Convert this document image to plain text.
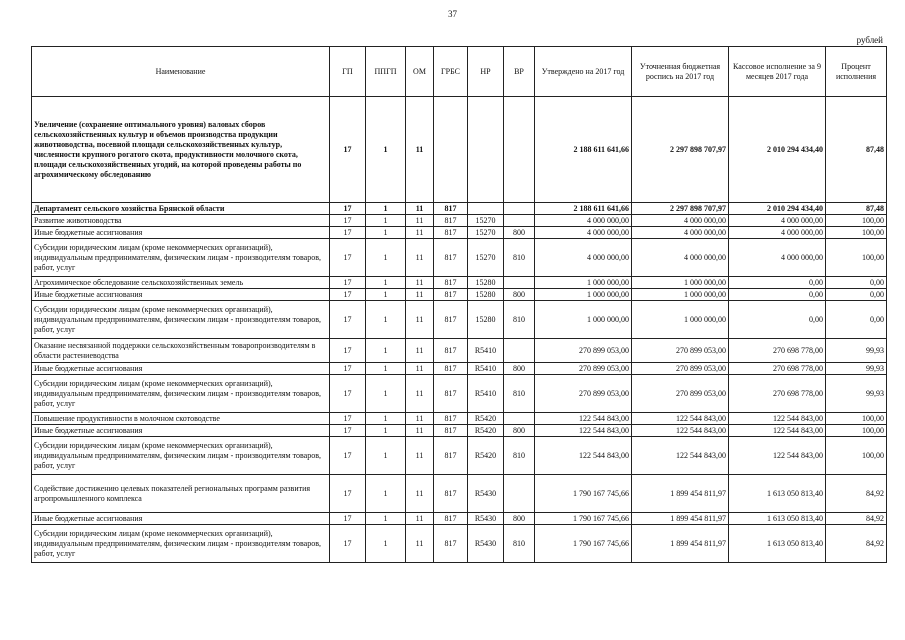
37
рублей
Наименование	ГП	ППГП	ОМ	ГРБС	НР	ВР	Утверждено на 2017 год	Уточненная бюджетная роспись на 2017 год	Кассовое исполнение за 9 месяцев 2017 года	Процент исполнения
Увеличение (сохранение оптимального уровня) валовых сборов сельскохозяйственных культур и объемов производства продукции животноводства, посевной площади сельскохозяйственных культур, численности крупного рогатого скота, продуктивности молочного скота, площади сельскохозяйственных угодий, на которой проведены работы по агрохимическому обследованию	17	1	11				2 188 611 641,66	2 297 898 707,97	2 010 294 434,40	87,48
Департамент сельского хозяйства Брянской области	17	1	11	817			2 188 611 641,66	2 297 898 707,97	2 010 294 434,40	87,48
Развитие животноводства	17	1	11	817	15270		4 000 000,00	4 000 000,00	4 000 000,00	100,00
Иные бюджетные ассигнования	17	1	11	817	15270	800	4 000 000,00	4 000 000,00	4 000 000,00	100,00
Субсидии юридическим лицам (кроме некоммерческих организаций), индивидуальным предпринимателям, физическим лицам - производителям товаров, работ, услуг	17	1	11	817	15270	810	4 000 000,00	4 000 000,00	4 000 000,00	100,00
Агрохимическое обследование сельскохозяйственных земель	17	1	11	817	15280		1 000 000,00	1 000 000,00	0,00	0,00
Иные бюджетные ассигнования	17	1	11	817	15280	800	1 000 000,00	1 000 000,00	0,00	0,00
Субсидии юридическим лицам (кроме некоммерческих организаций), индивидуальным предпринимателям, физическим лицам - производителям товаров, работ, услуг	17	1	11	817	15280	810	1 000 000,00	1 000 000,00	0,00	0,00
Оказание несвязанной поддержки сельскохозяйственным товаропроизводителям в области растениеводства	17	1	11	817	R5410		270 899 053,00	270 899 053,00	270 698 778,00	99,93
Иные бюджетные ассигнования	17	1	11	817	R5410	800	270 899 053,00	270 899 053,00	270 698 778,00	99,93
Субсидии юридическим лицам (кроме некоммерческих организаций), индивидуальным предпринимателям, физическим лицам - производителям товаров, работ, услуг	17	1	11	817	R5410	810	270 899 053,00	270 899 053,00	270 698 778,00	99,93
Повышение продуктивности в молочном скотоводстве	17	1	11	817	R5420		122 544 843,00	122 544 843,00	122 544 843,00	100,00
Иные бюджетные ассигнования	17	1	11	817	R5420	800	122 544 843,00	122 544 843,00	122 544 843,00	100,00
Субсидии юридическим лицам (кроме некоммерческих организаций), индивидуальным предпринимателям, физическим лицам - производителям товаров, работ, услуг	17	1	11	817	R5420	810	122 544 843,00	122 544 843,00	122 544 843,00	100,00
Содействие достижению целевых показателей региональных программ развития агропромышленного комплекса	17	1	11	817	R5430		1 790 167 745,66	1 899 454 811,97	1 613 050 813,40	84,92
Иные бюджетные ассигнования	17	1	11	817	R5430	800	1 790 167 745,66	1 899 454 811,97	1 613 050 813,40	84,92
Субсидии юридическим лицам (кроме некоммерческих организаций), индивидуальным предпринимателям, физическим лицам - производителям товаров, работ, услуг	17	1	11	817	R5430	810	1 790 167 745,66	1 899 454 811,97	1 613 050 813,40	84,92
